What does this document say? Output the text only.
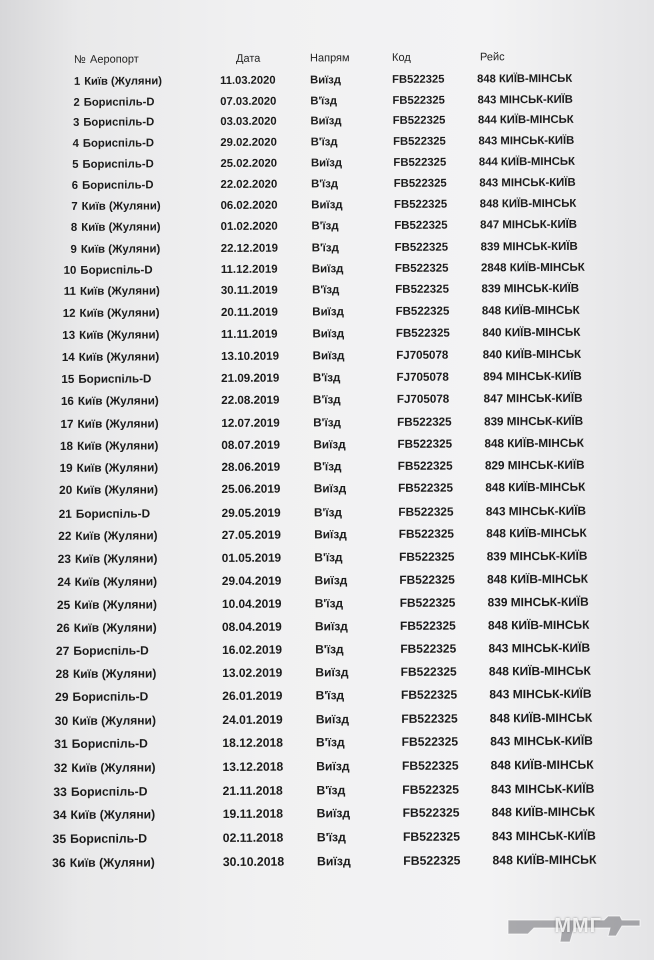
№ Аеропорт	Дата	Напрям	Код	Рейс
1 Київ (Жуляни)	11.03.2020	Виїзд	FB522325	848 КИЇВ-МІНСЬК
2 Бориспіль-D	07.03.2020	В'їзд	FB522325	843 МІНСЬК-КИЇВ
3 Бориспіль-D	03.03.2020	Виїзд	FB522325	844 КИЇВ-МІНСЬК
4 Бориспіль-D	29.02.2020	В'їзд	FB522325	843 МІНСЬК-КИЇВ
5 Бориспіль-D	25.02.2020	Виїзд	FB522325	844 КИЇВ-МІНСЬК
6 Бориспіль-D	22.02.2020	В'їзд	FB522325	843 МІНСЬК-КИЇВ
7 Київ (Жуляни)	06.02.2020	Виїзд	FB522325	848 КИЇВ-МІНСЬК
8 Київ (Жуляни)	01.02.2020	В'їзд	FB522325	847 МІНСЬК-КИЇВ
9 Київ (Жуляни)	22.12.2019	В'їзд	FB522325	839 МІНСЬК-КИЇВ
10 Бориспіль-D	11.12.2019	Виїзд	FB522325	2848 КИЇВ-МІНСЬК
11 Київ (Жуляни)	30.11.2019	В'їзд	FB522325	839 МІНСЬК-КИЇВ
12 Київ (Жуляни)	20.11.2019	Виїзд	FB522325	848 КИЇВ-МІНСЬК
13 Київ (Жуляни)	11.11.2019	Виїзд	FB522325	840 КИЇВ-МІНСЬК
14 Київ (Жуляни)	13.10.2019	Виїзд	FJ705078	840 КИЇВ-МІНСЬК
15 Бориспіль-D	21.09.2019	В'їзд	FJ705078	894 МІНСЬК-КИЇВ
16 Київ (Жуляни)	22.08.2019	В'їзд	FJ705078	847 МІНСЬК-КИЇВ
17 Київ (Жуляни)	12.07.2019	В'їзд	FB522325	839 МІНСЬК-КИЇВ
18 Київ (Жуляни)	08.07.2019	Виїзд	FB522325	848 КИЇВ-МІНСЬК
19 Київ (Жуляни)	28.06.2019	В'їзд	FB522325	829 МІНСЬК-КИЇВ
20 Київ (Жуляни)	25.06.2019	Виїзд	FB522325	848 КИЇВ-МІНСЬК
21 Бориспіль-D	29.05.2019	В'їзд	FB522325	843 МІНСЬК-КИЇВ
22 Київ (Жуляни)	27.05.2019	Виїзд	FB522325	848 КИЇВ-МІНСЬК
23 Київ (Жуляни)	01.05.2019	В'їзд	FB522325	839 МІНСЬК-КИЇВ
24 Київ (Жуляни)	29.04.2019	Виїзд	FB522325	848 КИЇВ-МІНСЬК
25 Київ (Жуляни)	10.04.2019	В'їзд	FB522325	839 МІНСЬК-КИЇВ
26 Київ (Жуляни)	08.04.2019	Виїзд	FB522325	848 КИЇВ-МІНСЬК
27 Бориспіль-D	16.02.2019	В'їзд	FB522325	843 МІНСЬК-КИЇВ
28 Київ (Жуляни)	13.02.2019	Виїзд	FB522325	848 КИЇВ-МІНСЬК
29 Бориспіль-D	26.01.2019	В'їзд	FB522325	843 МІНСЬК-КИЇВ
30 Київ (Жуляни)	24.01.2019	Виїзд	FB522325	848 КИЇВ-МІНСЬК
31 Бориспіль-D	18.12.2018	В'їзд	FB522325	843 МІНСЬК-КИЇВ
32 Київ (Жуляни)	13.12.2018	Виїзд	FB522325	848 КИЇВ-МІНСЬК
33 Бориспіль-D	21.11.2018	В'їзд	FB522325	843 МІНСЬК-КИЇВ
34 Київ (Жуляни)	19.11.2018	Виїзд	FB522325	848 КИЇВ-МІНСЬК
35 Бориспіль-D	02.11.2018	В'їзд	FB522325	843 МІНСЬК-КИЇВ
36 Київ (Жуляни)	30.10.2018	Виїзд	FB522325	848 КИЇВ-МІНСЬК
ММГ
